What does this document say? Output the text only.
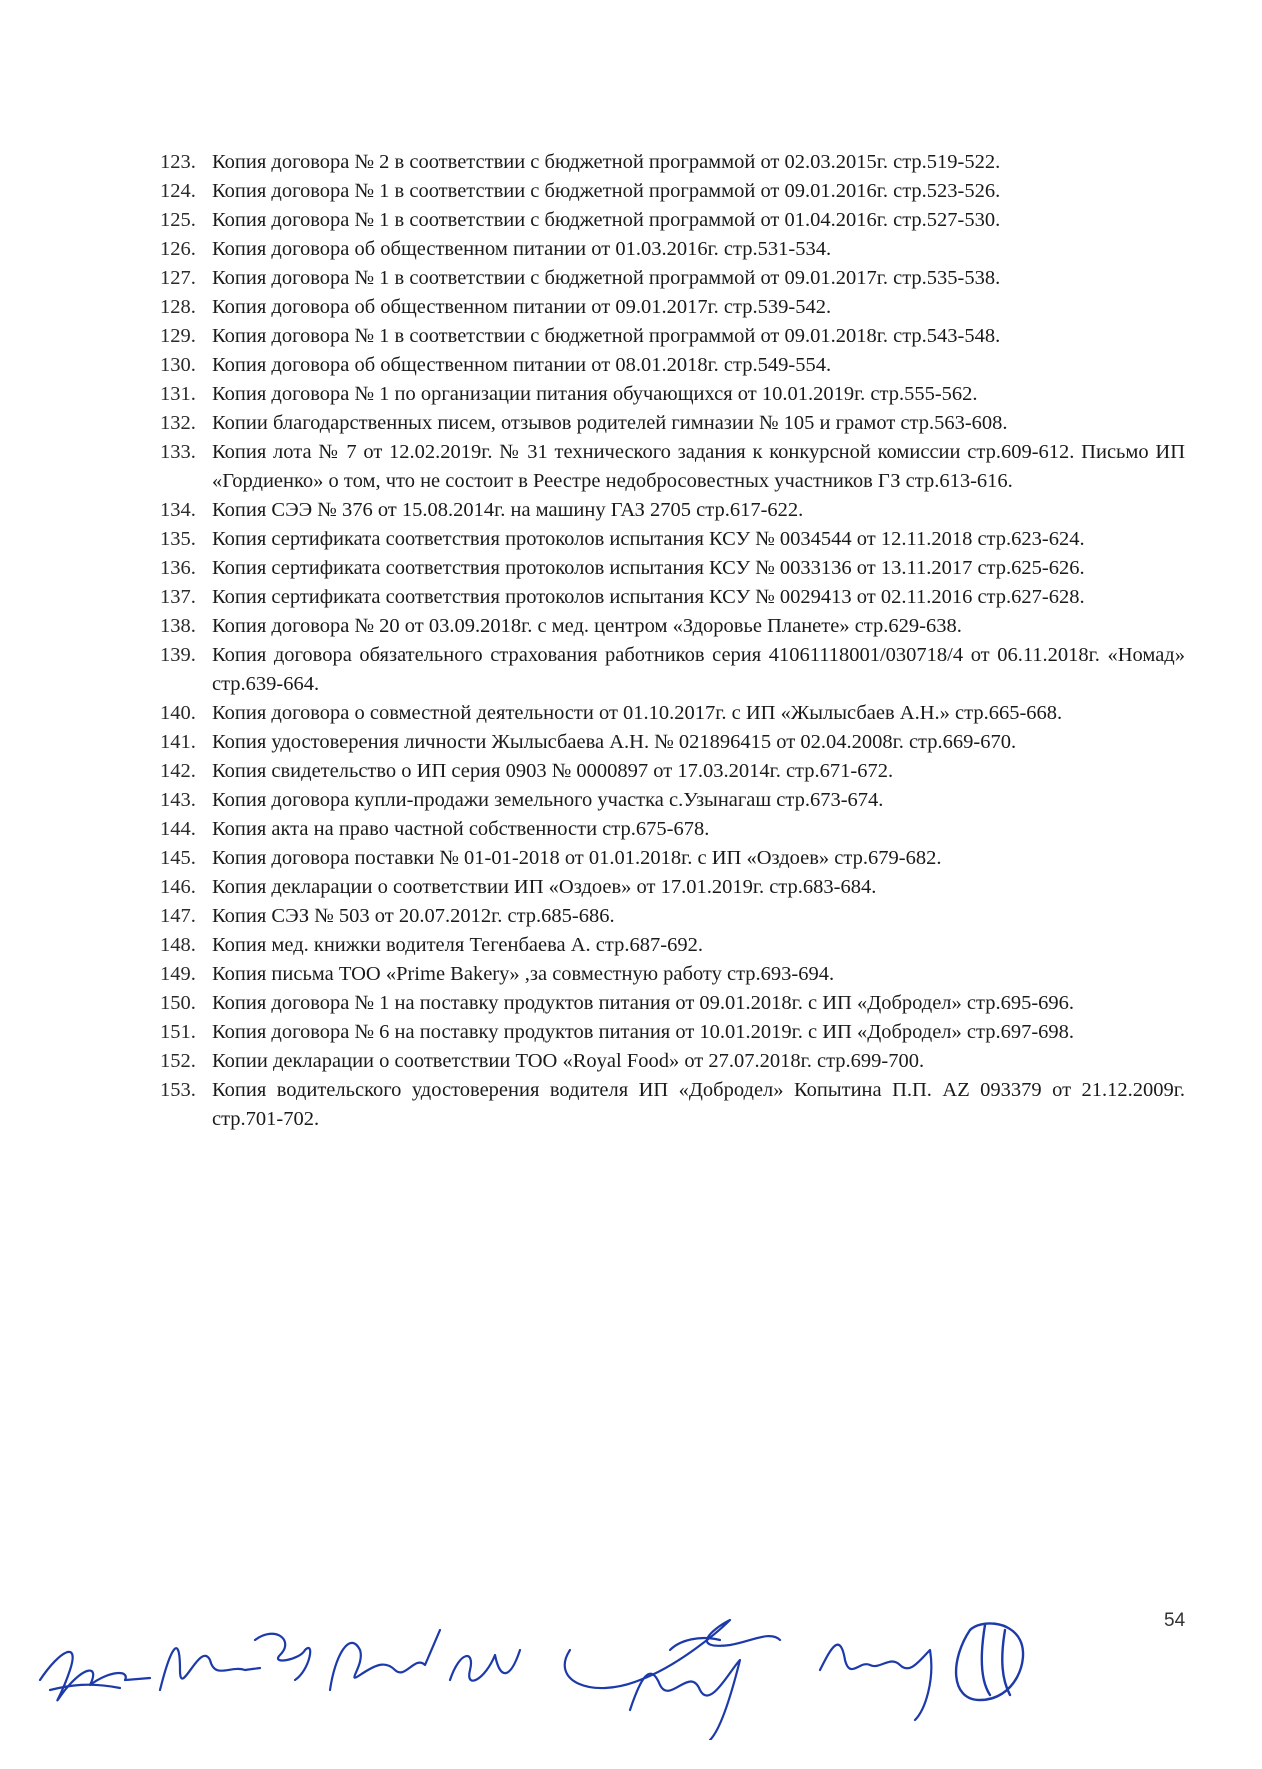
123. Копия договора № 2 в соответствии с бюджетной программой от 02.03.2015г. стр.519-522.
124. Копия договора № 1 в соответствии с бюджетной программой от 09.01.2016г. стр.523-526.
125. Копия договора № 1 в соответствии с бюджетной программой от 01.04.2016г. стр.527-530.
126. Копия договора об общественном питании от 01.03.2016г. стр.531-534.
127. Копия договора № 1 в соответствии с бюджетной программой от 09.01.2017г. стр.535-538.
128. Копия договора об общественном питании от 09.01.2017г. стр.539-542.
129. Копия договора № 1 в соответствии с бюджетной программой от 09.01.2018г. стр.543-548.
130. Копия договора об общественном питании от 08.01.2018г. стр.549-554.
131. Копия договора № 1 по организации питания обучающихся от 10.01.2019г. стр.555-562.
132. Копии благодарственных писем, отзывов родителей гимназии № 105 и грамот стр.563-608.
133. Копия лота № 7 от 12.02.2019г. № 31 технического задания к конкурсной комиссии стр.609-612. Письмо ИП «Гордиенко» о том, что не состоит в Реестре недобросовестных участников ГЗ стр.613-616.
134. Копия СЭЭ № 376 от 15.08.2014г. на машину ГАЗ 2705 стр.617-622.
135. Копия сертификата соответствия протоколов испытания КСУ № 0034544 от 12.11.2018 стр.623-624.
136. Копия сертификата соответствия протоколов испытания КСУ № 0033136 от 13.11.2017 стр.625-626.
137. Копия сертификата соответствия протоколов испытания КСУ № 0029413 от 02.11.2016 стр.627-628.
138. Копия договора № 20 от 03.09.2018г. с мед. центром «Здоровье Планете» стр.629-638.
139. Копия договора обязательного страхования работников серия 41061118001/030718/4 от 06.11.2018г. «Номад» стр.639-664.
140. Копия договора о совместной деятельности от 01.10.2017г. с ИП «Жылысбаев А.Н.» стр.665-668.
141. Копия удостоверения личности Жылысбаева А.Н. № 021896415 от 02.04.2008г. стр.669-670.
142. Копия свидетельство о ИП серия 0903 № 0000897 от 17.03.2014г. стр.671-672.
143. Копия договора купли-продажи земельного участка с.Узынагаш стр.673-674.
144. Копия акта на право частной собственности стр.675-678.
145. Копия договора поставки № 01-01-2018 от 01.01.2018г. с ИП «Оздоев» стр.679-682.
146. Копия декларации о соответствии ИП «Оздоев» от 17.01.2019г. стр.683-684.
147. Копия СЭЗ № 503 от 20.07.2012г. стр.685-686.
148. Копия мед. книжки водителя Тегенбаева А. стр.687-692.
149. Копия письма ТОО «Prime Bakery» ,за совместную работу стр.693-694.
150. Копия договора № 1 на поставку продуктов питания от 09.01.2018г. с ИП «Добродел» стр.695-696.
151. Копия договора № 6 на поставку продуктов питания от 10.01.2019г. с ИП «Добродел» стр.697-698.
152. Копии декларации о соответствии ТОО «Royal Food» от 27.07.2018г. стр.699-700.
153. Копия водительского удостоверения водителя ИП «Добродел» Копытина П.П. AZ 093379 от 21.12.2009г. стр.701-702.
54
